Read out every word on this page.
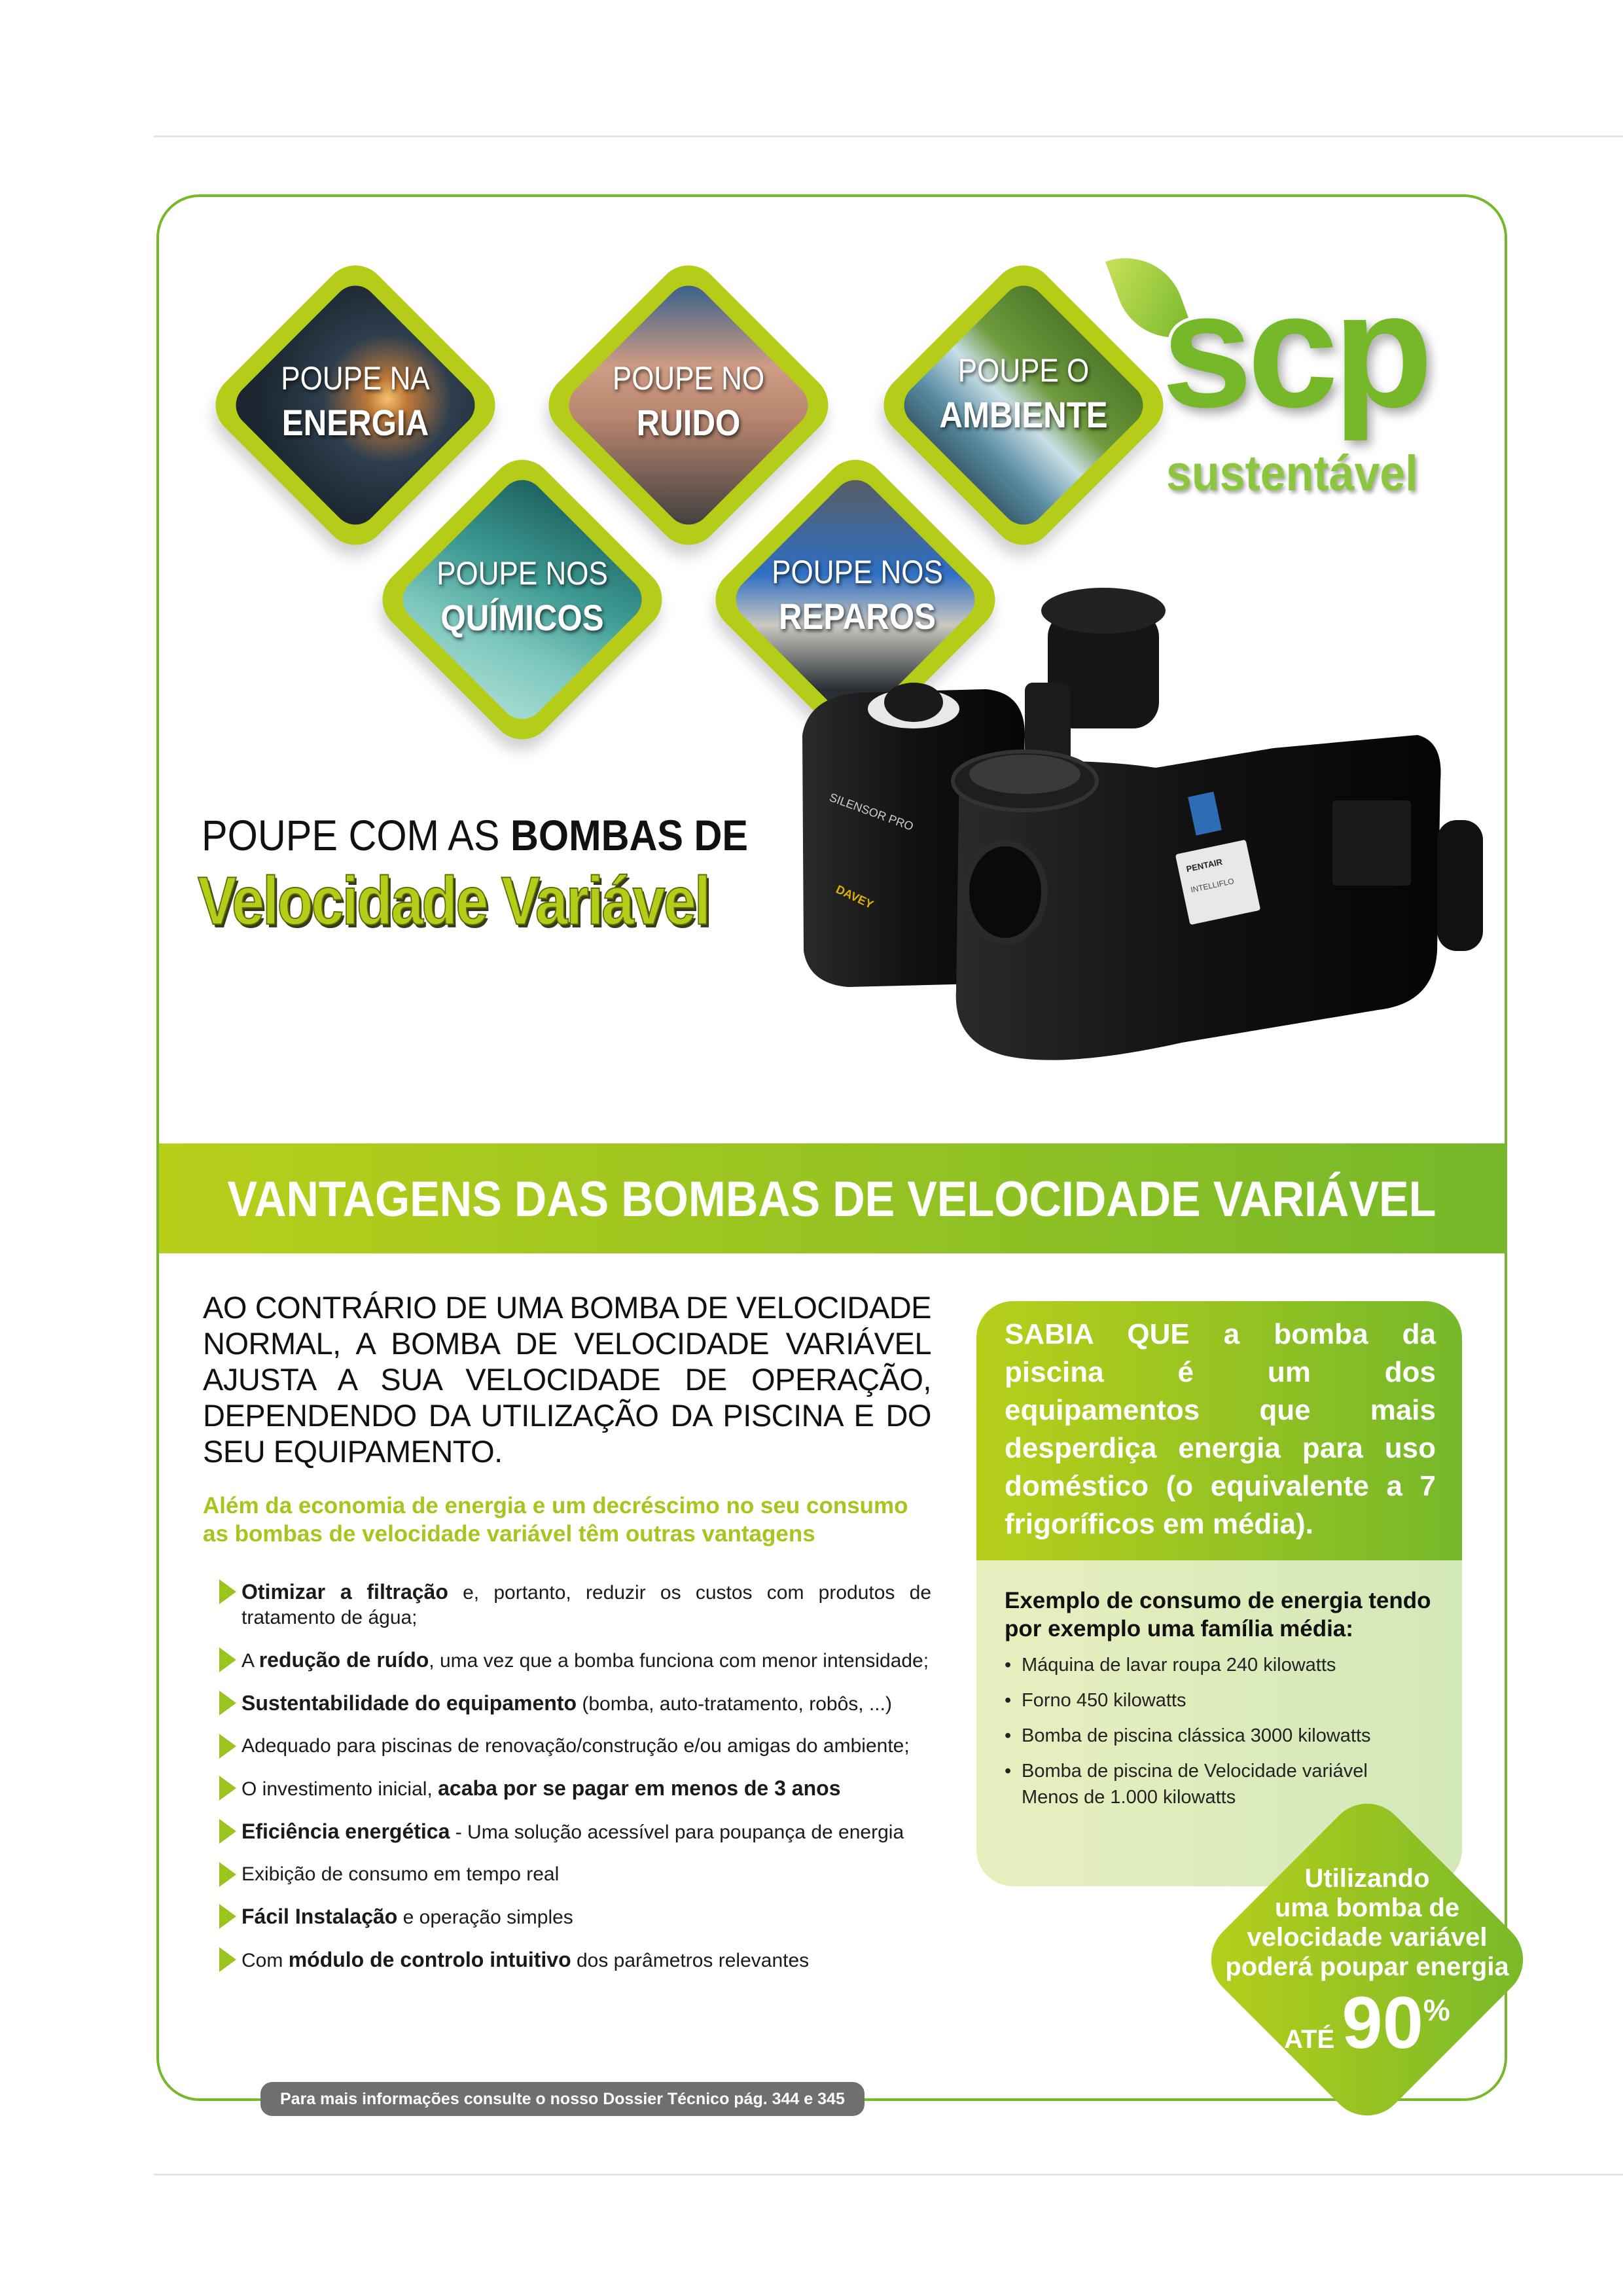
POUPE NA
ENERGIA
POUPE NO
RUIDO
POUPE O
AMBIENTE
POUPE NOS
QUÍMICOS
POUPE NOS
REPAROS
scp
sustentável
SILENSOR PRO
DAVEY
PENTAIR
INTELLIFLO
POUPE COM AS BOMBAS DE
Velocidade Variável
VANTAGENS DAS BOMBAS DE VELOCIDADE VARIÁVEL
AO CONTRÁRIO DE UMA BOMBA DE VELOCIDADE NORMAL, A BOMBA DE VELOCIDADE VARIÁVEL AJUSTA A SUA VELOCIDADE DE OPERAÇÃO, DEPENDENDO DA UTILIZAÇÃO DA PISCINA E DO SEU EQUIPAMENTO.
Além da economia de energia e um decréscimo no seu consumo as bombas de velocidade variável têm outras vantagens
Otimizar a filtração e, portanto, reduzir os custos com produtos de tratamento de água;
A redução de ruído, uma vez que a bomba funciona com menor intensidade;
Sustentabilidade do equipamento (bomba, auto-tratamento, robôs, ...)
Adequado para piscinas de renovação/construção e/ou amigas do ambiente;
O investimento inicial, acaba por se pagar em menos de 3 anos
Eficiência energética - Uma solução acessível para poupança de energia
Exibição de consumo em tempo real
Fácil Instalação e operação simples
Com módulo de controlo intuitivo dos parâmetros relevantes
SABIA QUE a bomba da piscina é um dos equipamentos que mais desperdiça energia para uso doméstico (o equivalente a 7 frigoríficos em média).
Exemplo de consumo de energia tendo por exemplo uma família média:
• Máquina de lavar roupa 240 kilowatts
• Forno 450 kilowatts
• Bomba de piscina clássica 3000 kilowatts
• Bomba de piscina de Velocidade variável Menos de 1.000 kilowatts
Utilizando
uma bomba de
velocidade variável
poderá poupar energia
ATÉ 90%
Para mais informações consulte o nosso Dossier Técnico pág. 344 e 345
